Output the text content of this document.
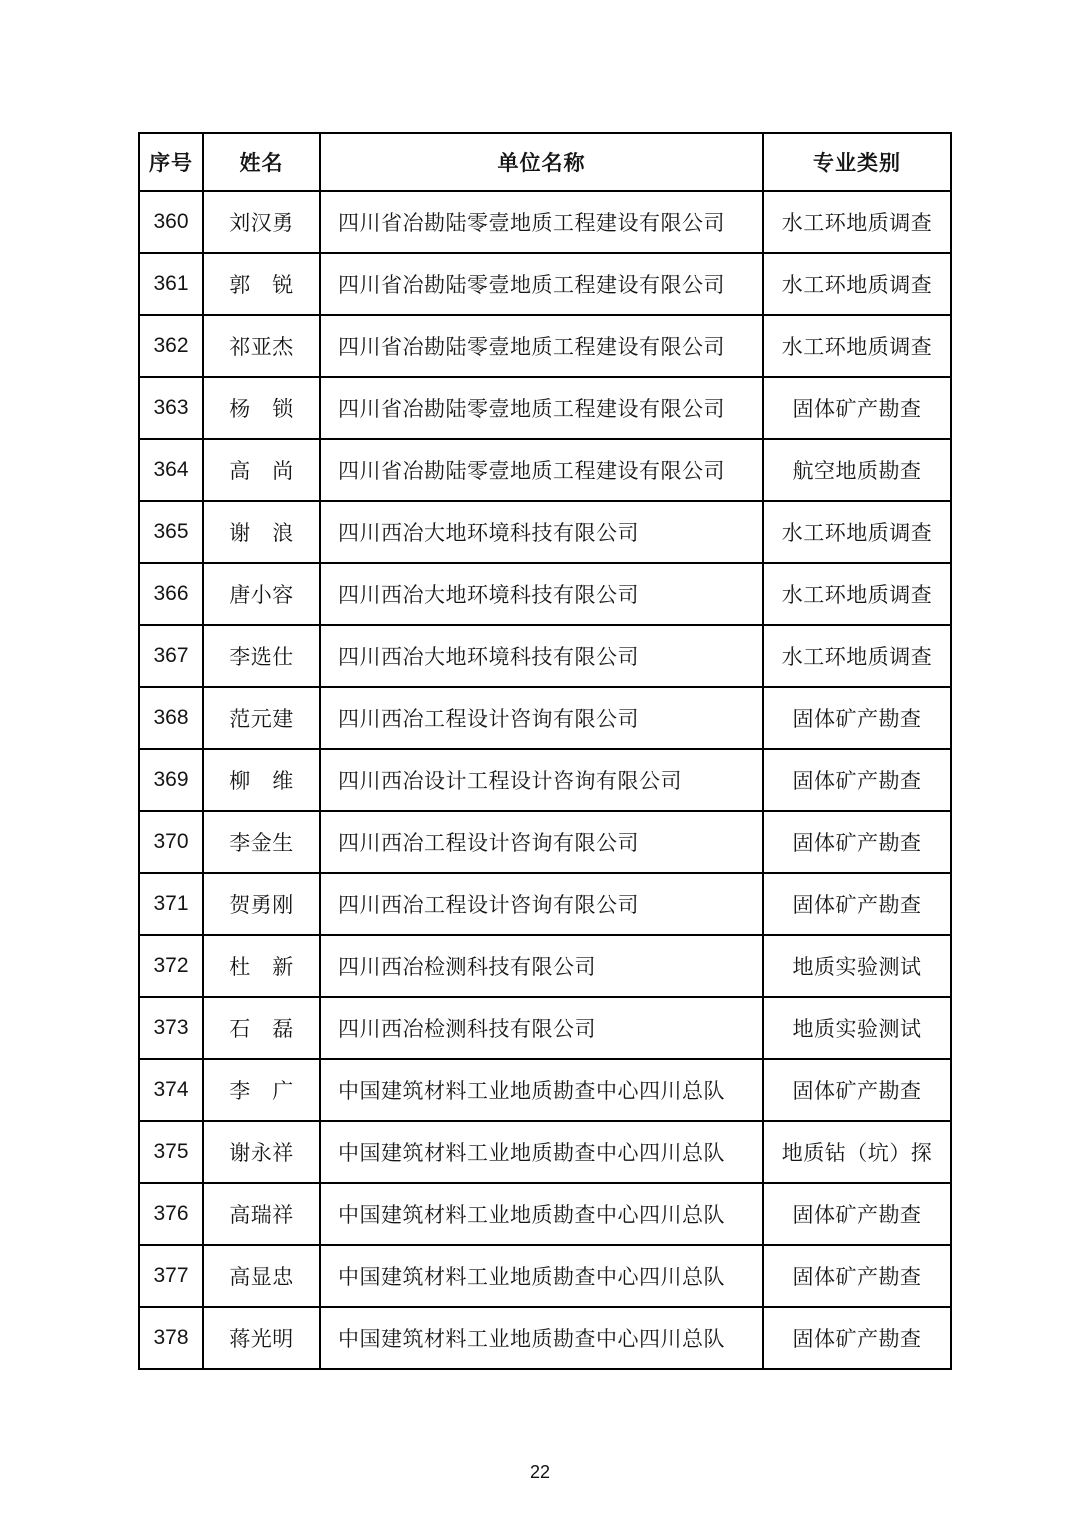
序号	姓名	单位名称	专业类别
360	刘汉勇	四川省冶勘陆零壹地质工程建设有限公司	水工环地质调查
361	郭　锐	四川省冶勘陆零壹地质工程建设有限公司	水工环地质调查
362	祁亚杰	四川省冶勘陆零壹地质工程建设有限公司	水工环地质调查
363	杨　锁	四川省冶勘陆零壹地质工程建设有限公司	固体矿产勘查
364	高　尚	四川省冶勘陆零壹地质工程建设有限公司	航空地质勘查
365	谢　浪	四川西冶大地环境科技有限公司	水工环地质调查
366	唐小容	四川西冶大地环境科技有限公司	水工环地质调查
367	李选仕	四川西冶大地环境科技有限公司	水工环地质调查
368	范元建	四川西冶工程设计咨询有限公司	固体矿产勘查
369	柳　维	四川西冶设计工程设计咨询有限公司	固体矿产勘查
370	李金生	四川西冶工程设计咨询有限公司	固体矿产勘查
371	贺勇刚	四川西冶工程设计咨询有限公司	固体矿产勘查
372	杜　新	四川西冶检测科技有限公司	地质实验测试
373	石　磊	四川西冶检测科技有限公司	地质实验测试
374	李　广	中国建筑材料工业地质勘查中心四川总队	固体矿产勘查
375	谢永祥	中国建筑材料工业地质勘查中心四川总队	地质钻（坑）探
376	高瑞祥	中国建筑材料工业地质勘查中心四川总队	固体矿产勘查
377	高显忠	中国建筑材料工业地质勘查中心四川总队	固体矿产勘查
378	蒋光明	中国建筑材料工业地质勘查中心四川总队	固体矿产勘查
22
